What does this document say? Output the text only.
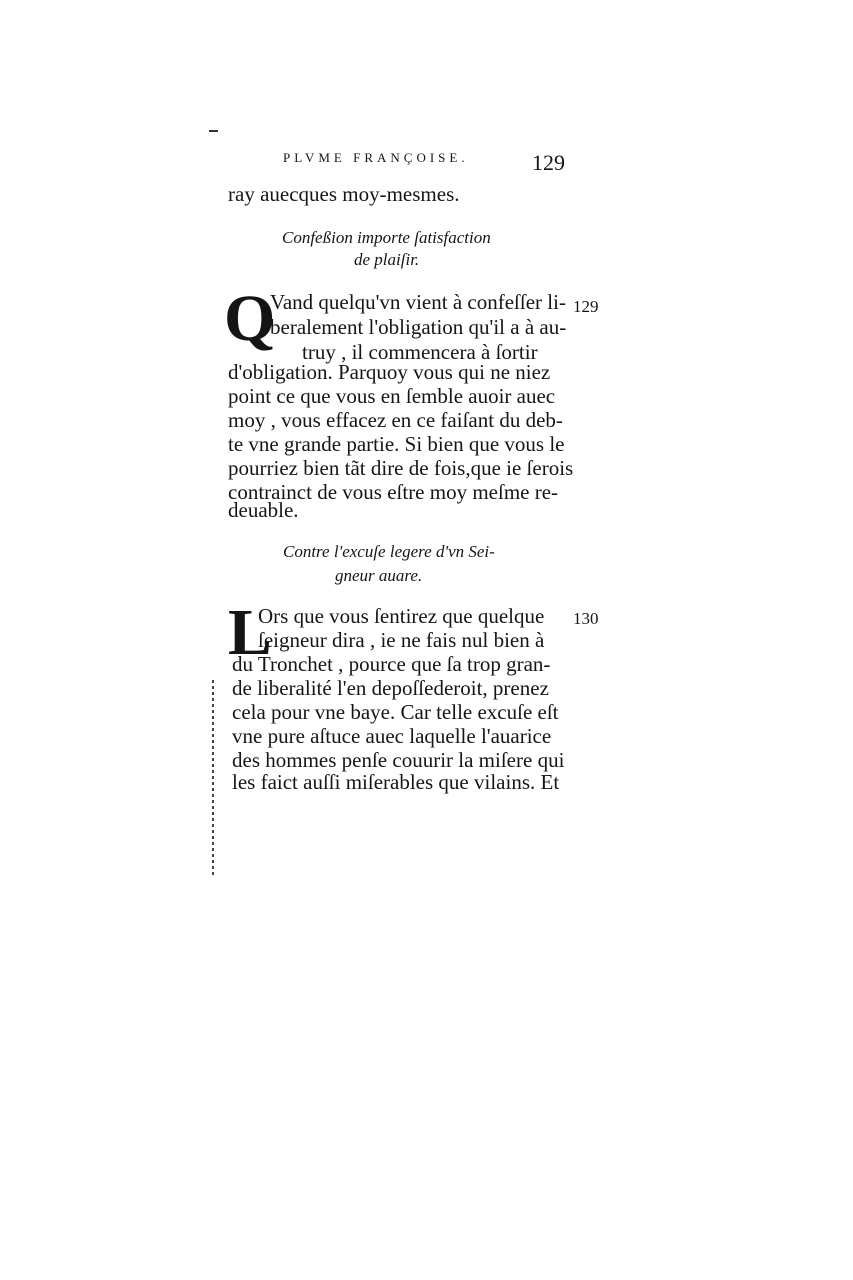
PLVME FRANÇOISE.	129
ray auecques moy-mesmes.
Confeßion importe ſatisfaction
de plaiſir.
Q	129
Vand quelqu'vn vient à confeſſer li-
beralement l'obligation qu'il a à au-
truy , il commencera à ſortir
d'obligation. Parquoy vous qui ne niez
point ce que vous en ſemble auoir auec
moy , vous effacez en ce faiſant du deb-
te vne grande partie. Si bien que vous le
pourriez bien tãt dire de fois,que ie ſerois
contrainct de vous eſtre moy meſme re-
deuable.
Contre l'excuſe legere d'vn Sei-
gneur auare.
L	130
Ors que vous ſentirez que quelque
ſeigneur dira , ie ne fais nul bien à
du Tronchet , pource que ſa trop gran-
de liberalité l'en depoſſederoit, prenez
cela pour vne baye. Car telle excuſe eſt
vne pure aſtuce auec laquelle l'auarice
des hommes penſe couurir la miſere qui
les faict auſſi miſerables que vilains. Et
